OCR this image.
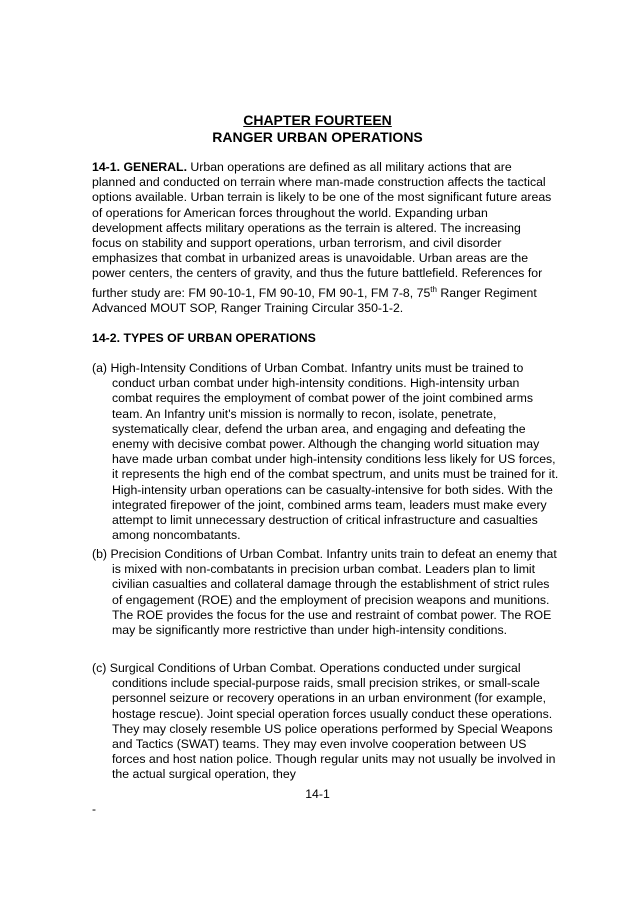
CHAPTER FOURTEEN
RANGER URBAN OPERATIONS

14-1. GENERAL. Urban operations are defined as all military actions that are planned and conducted on terrain where man-made construction affects the tactical options available. Urban terrain is likely to be one of the most significant future areas of operations for American forces throughout the world. Expanding urban development affects military operations as the terrain is altered. The increasing focus on stability and support operations, urban terrorism, and civil disorder emphasizes that combat in urbanized areas is unavoidable. Urban areas are the power centers, the centers of gravity, and thus the future battlefield. References for further study are: FM 90-10-1, FM 90-10, FM 90-1, FM 7-8, 75th Ranger Regiment Advanced MOUT SOP, Ranger Training Circular 350-1-2.

14-2. TYPES OF URBAN OPERATIONS

(a) High-Intensity Conditions of Urban Combat. Infantry units must be trained to conduct urban combat under high-intensity conditions. High-intensity urban combat requires the employment of combat power of the joint combined arms team. An Infantry unit's mission is normally to recon, isolate, penetrate, systematically clear, defend the urban area, and engaging and defeating the enemy with decisive combat power. Although the changing world situation may have made urban combat under high-intensity conditions less likely for US forces, it represents the high end of the combat spectrum, and units must be trained for it. High-intensity urban operations can be casualty-intensive for both sides. With the integrated firepower of the joint, combined arms team, leaders must make every attempt to limit unnecessary destruction of critical infrastructure and casualties among noncombatants.

(b) Precision Conditions of Urban Combat. Infantry units train to defeat an enemy that is mixed with non-combatants in precision urban combat. Leaders plan to limit civilian casualties and collateral damage through the establishment of strict rules of engagement (ROE) and the employment of precision weapons and munitions. The ROE provides the focus for the use and restraint of combat power. The ROE may be significantly more restrictive than under high-intensity conditions.

(c) Surgical Conditions of Urban Combat. Operations conducted under surgical conditions include special-purpose raids, small precision strikes, or small-scale personnel seizure or recovery operations in an urban environment (for example, hostage rescue). Joint special operation forces usually conduct these operations. They may closely resemble US police operations performed by Special Weapons and Tactics (SWAT) teams. They may even involve cooperation between US forces and host nation police. Though regular units may not usually be involved in the actual surgical operation, they

14-1
-
